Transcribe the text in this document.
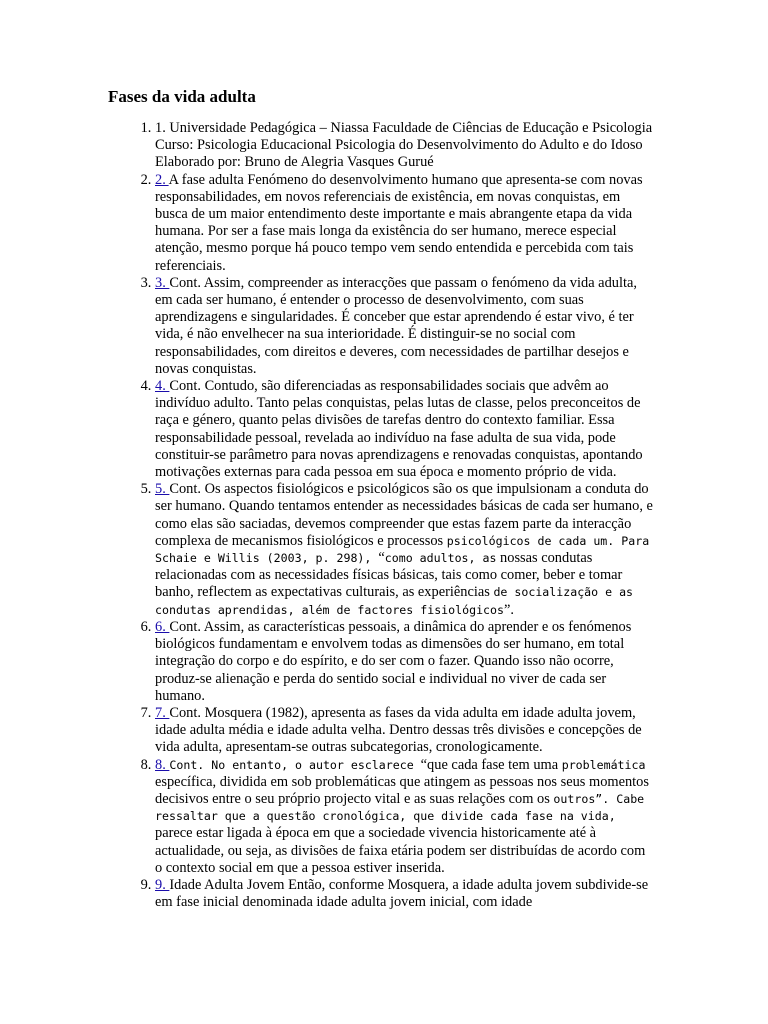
Fases da vida adulta
1. 1. Universidade Pedagógica – Niassa Faculdade de Ciências de Educação e Psicologia Curso: Psicologia Educacional Psicologia do Desenvolvimento do Adulto e do Idoso Elaborado por: Bruno de Alegria Vasques Gurué
2. 2. A fase adulta Fenómeno do desenvolvimento humano que apresenta-se com novas responsabilidades, em novos referenciais de existência, em novas conquistas, em busca de um maior entendimento deste importante e mais abrangente etapa da vida humana. Por ser a fase mais longa da existência do ser humano, merece especial atenção, mesmo porque há pouco tempo vem sendo entendida e percebida com tais referenciais.
3. 3. Cont. Assim, compreender as interacções que passam o fenómeno da vida adulta, em cada ser humano, é entender o processo de desenvolvimento, com suas aprendizagens e singularidades. É conceber que estar aprendendo é estar vivo, é ter vida, é não envelhecer na sua interioridade. É distinguir-se no social com responsabilidades, com direitos e deveres, com necessidades de partilhar desejos e novas conquistas.
4. 4. Cont. Contudo, são diferenciadas as responsabilidades sociais que advêm ao indivíduo adulto. Tanto pelas conquistas, pelas lutas de classe, pelos preconceitos de raça e género, quanto pelas divisões de tarefas dentro do contexto familiar. Essa responsabilidade pessoal, revelada ao indivíduo na fase adulta de sua vida, pode constituir-se parâmetro para novas aprendizagens e renovadas conquistas, apontando motivações externas para cada pessoa em sua época e momento próprio de vida.
5. 5. Cont. Os aspectos fisiológicos e psicológicos são os que impulsionam a conduta do ser humano. Quando tentamos entender as necessidades básicas de cada ser humano, e como elas são saciadas, devemos compreender que estas fazem parte da interacção complexa de mecanismos fisiológicos e processos psicológicos de cada um. Para Schaie e Willis (2003, p. 298), “como adultos, as nossas condutas relacionadas com as necessidades físicas básicas, tais como comer, beber e tomar banho, reflectem as expectativas culturais, as experiências de socialização e as condutas aprendidas, além de factores fisiológicos”.
6. 6. Cont. Assim, as características pessoais, a dinâmica do aprender e os fenómenos biológicos fundamentam e envolvem todas as dimensões do ser humano, em total integração do corpo e do espírito, e do ser com o fazer. Quando isso não ocorre, produz-se alienação e perda do sentido social e individual no viver de cada ser humano.
7. 7. Cont. Mosquera (1982), apresenta as fases da vida adulta em idade adulta jovem, idade adulta média e idade adulta velha. Dentro dessas três divisões e concepções de vida adulta, apresentam-se outras subcategorias, cronologicamente.
8. 8. Cont. No entanto, o autor esclarece “que cada fase tem uma problemática específica, dividida em sob problemáticas que atingem as pessoas nos seus momentos decisivos entre o seu próprio projecto vital e as suas relações com os outros”. Cabe ressaltar que a questão cronológica, que divide cada fase na vida, parece estar ligada à época em que a sociedade vivencia historicamente até à actualidade, ou seja, as divisões de faixa etária podem ser distribuídas de acordo com o contexto social em que a pessoa estiver inserida.
9. 9. Idade Adulta Jovem Então, conforme Mosquera, a idade adulta jovem subdivide-se em fase inicial denominada idade adulta jovem inicial, com idade
